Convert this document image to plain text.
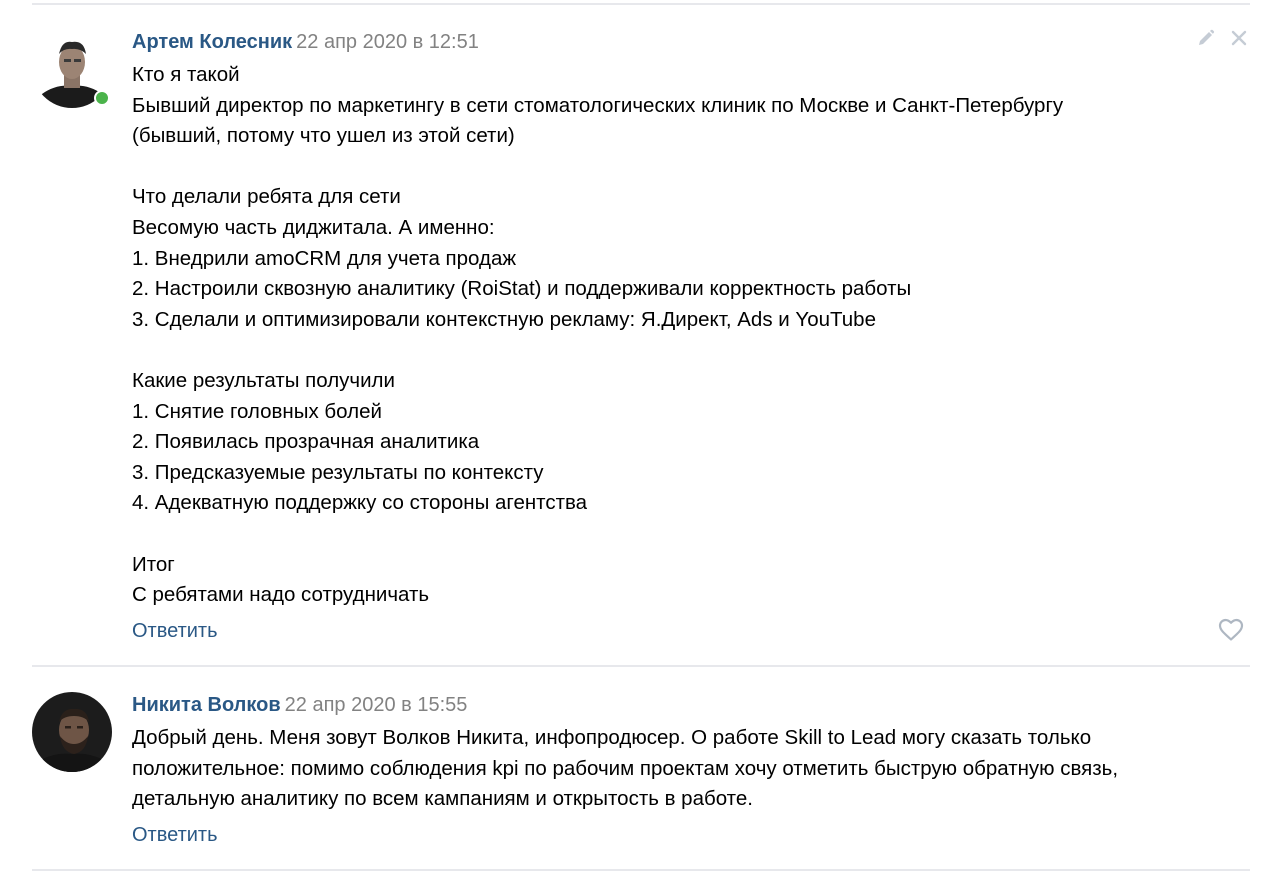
Артем Колесник 22 апр 2020 в 12:51
Кто я такой
Бывший директор по маркетингу в сети стоматологических клиник по Москве и Санкт-Петербургу
(бывший, потому что ушел из этой сети)
Что делали ребята для сети
Весомую часть диджитала. А именно:
1. Внедрили amoCRM для учета продаж
2. Настроили сквозную аналитику (RoiStat) и поддерживали корректность работы
3. Сделали и оптимизировали контекстную рекламу: Я.Директ, Ads и YouTube
Какие результаты получили
1. Снятие головных болей
2. Появилась прозрачная аналитика
3. Предсказуемые результаты по контексту
4. Адекватную поддержку со стороны агентства
Итог
С ребятами надо сотрудничать
Ответить
Никита Волков 22 апр 2020 в 15:55
Добрый день. Меня зовут Волков Никита, инфопродюсер. О работе Skill to Lead могу сказать только
положительное: помимо соблюдения kpi по рабочим проектам хочу отметить быструю обратную связь,
детальную аналитику по всем кампаниям и открытость в работе.
Ответить
